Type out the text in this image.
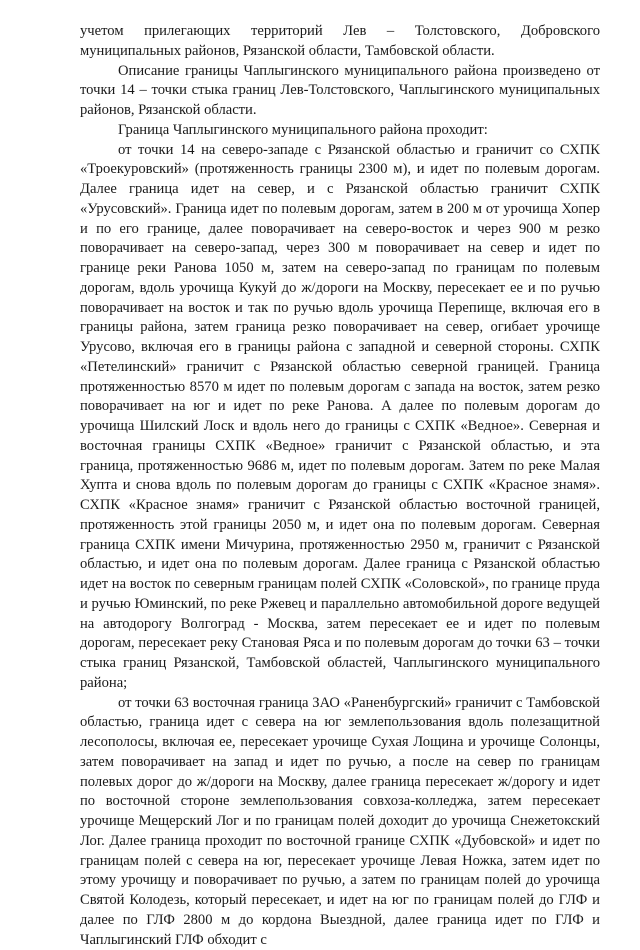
учетом прилегающих территорий Лев – Толстовского, Добровского муниципальных районов, Рязанской области, Тамбовской области.

Описание границы Чаплыгинского муниципального района произведено от точки 14 – точки стыка границ Лев-Толстовского, Чаплыгинского муниципальных районов, Рязанской области.

Граница Чаплыгинского муниципального района проходит:

от точки 14 на северо-западе с Рязанской областью и граничит со СХПК «Троекуровский» (протяженность границы 2300 м), и идет по полевым дорогам. Далее граница идет на север, и с Рязанской областью граничит СХПК «Урусовский». Граница идет по полевым дорогам, затем в 200 м от урочища Хопер и по его границе, далее поворачивает на северо-восток и через 900 м резко поворачивает на северо-запад, через 300 м поворачивает на север и идет по границе реки Ранова 1050 м, затем на северо-запад по границам по полевым дорогам, вдоль урочища Кукуй до ж/дороги на Москву, пересекает ее и по ручью поворачивает на восток и так по ручью вдоль урочища Перепище, включая его в границы района, затем граница резко поворачивает на север, огибает урочище Урусово, включая его в границы района с западной и северной стороны. СХПК «Петелинский» граничит с Рязанской областью северной границей. Граница протяженностью 8570 м идет по полевым дорогам с запада на восток, затем резко поворачивает на юг и идет по реке Ранова. А далее по полевым дорогам до урочища Шилский Лоск и вдоль него до границы с СХПК «Ведное». Северная и восточная границы СХПК «Ведное» граничит с Рязанской областью, и эта граница, протяженностью 9686 м, идет по полевым дорогам. Затем по реке Малая Хупта и снова вдоль по полевым дорогам до границы с СХПК «Красное знамя». СХПК «Красное знамя» граничит с Рязанской областью восточной границей, протяженность этой границы 2050 м, и идет она по полевым дорогам. Северная граница СХПК имени Мичурина, протяженностью 2950 м, граничит с Рязанской областью, и идет она по полевым дорогам. Далее граница с Рязанской областью идет на восток по северным границам полей СХПК «Соловской», по границе пруда и ручью Юминский, по реке Ржевец и параллельно автомобильной дороге ведущей на автодорогу Волгоград - Москва, затем пересекает ее и идет по полевым дорогам, пересекает реку Становая Ряса и по полевым дорогам до точки 63 – точки стыка границ Рязанской, Тамбовской областей, Чаплыгинского муниципального района;

от точки 63 восточная граница ЗАО «Раненбургский» граничит с Тамбовской областью, граница идет с севера на юг землепользования вдоль полезащитной лесополосы, включая ее, пересекает урочище Сухая Лощина и урочище Солонцы, затем поворачивает на запад и идет по ручью, а после на север по границам полевых дорог до ж/дороги на Москву, далее граница пересекает ж/дорогу и идет по восточной стороне землепользования совхоза-колледжа, затем пересекает урочище Мещерский Лог и по границам полей доходит до урочища Снежетокский Лог. Далее граница проходит по восточной границе СХПК «Дубовской» и идет по границам полей с севера на юг, пересекает урочище Левая Ножка, затем идет по этому урочищу и поворачивает по ручью, а затем по границам полей до урочища Святой Колодезь, который пересекает, и идет на юг по границам полей до ГЛФ и далее по ГЛФ 2800 м до кордона Выездной, далее граница идет по ГЛФ и Чаплыгинский ГЛФ обходит с
